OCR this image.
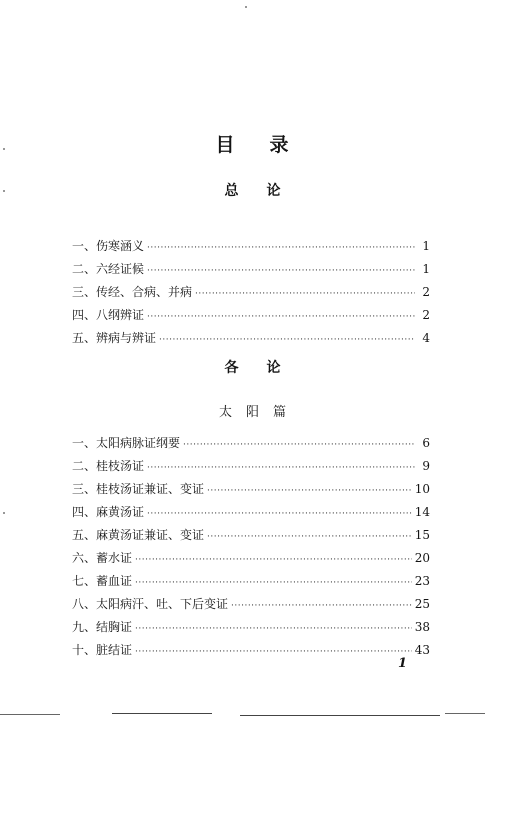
目 录
总 论
一、伤寒涵义 ·····	1
二、六经证候 ·····	1
三、传经、合病、并病 ·····	2
四、八纲辨证 ·····	2
五、辨病与辨证 ·····	4
各 论
太 阳 篇
一、太阳病脉证纲要 ·····	6
二、桂枝汤证 ·····	9
三、桂枝汤证兼证、变证 ·····	10
四、麻黄汤证 ·····	14
五、麻黄汤证兼证、变证 ·····	15
六、蓄水证 ·····	20
七、蓄血证 ·····	23
八、太阳病汗、吐、下后变证 ·····	25
九、结胸证 ·····	38
十、脏结证 ·····	43
1
